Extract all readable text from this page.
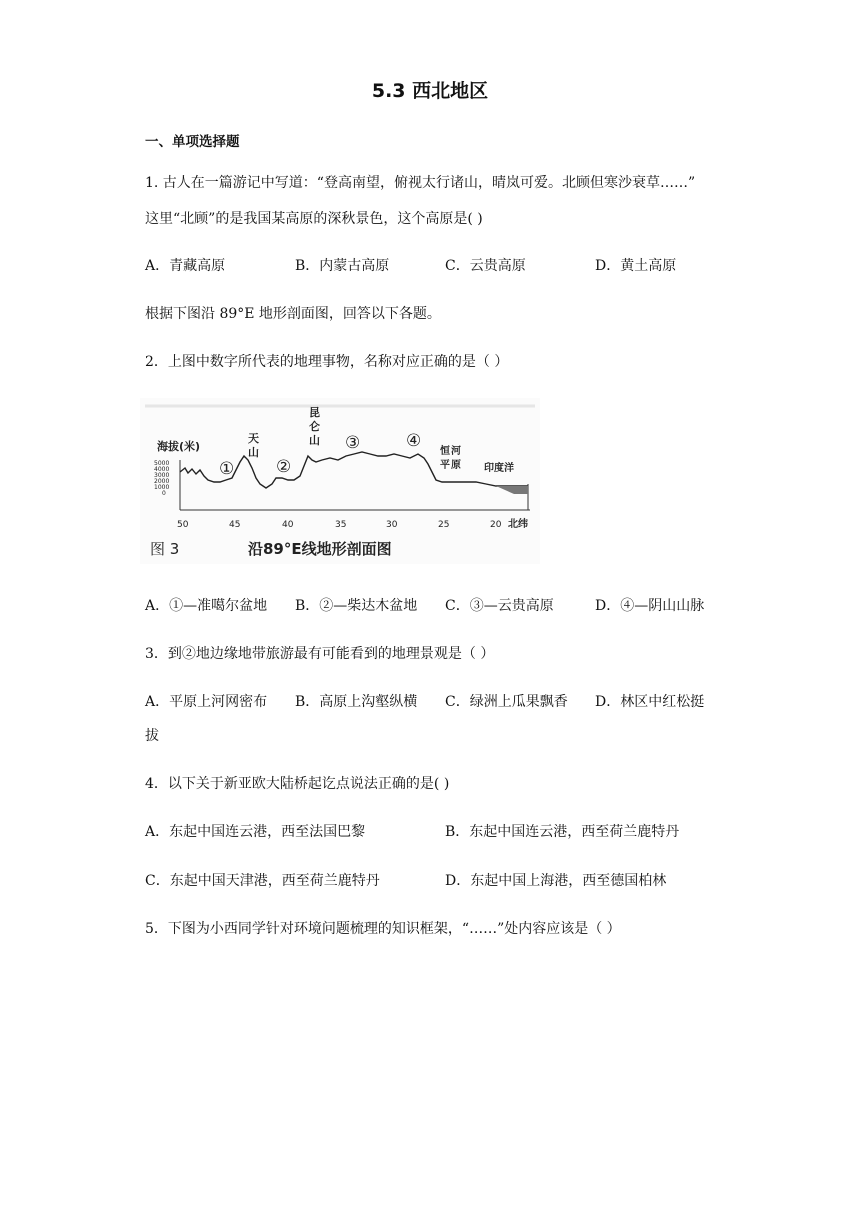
5.3 西北地区
一、单项选择题
1. 古人在一篇游记中写道：“登高南望，俯视太行诸山，晴岚可爱。北顾但寒沙衰草……”
这里“北顾”的是我国某高原的深秋景色，这个高原是( )
A．青藏高原	B．内蒙古高原	C．云贵高原	D．黄土高原
根据下图沿 89°E 地形剖面图，回答以下各题。
2．上图中数字所代表的地理事物，名称对应正确的是（ ）
海拔(米)
5000
4000
3000
2000
1000
0
天
山
昆
仑
山
① ②
③	④
恒 河
平 原 印度洋
50	45	40	35	30	25	20 北纬
图 3	沿89°E线地形剖面图
A．①—准噶尔盆地 B．②—柴达木盆地 C．③—云贵高原	D．④—阴山山脉
3．到②地边缘地带旅游最有可能看到的地理景观是（ ）
A．平原上河网密布 B．高原上沟壑纵横 C．绿洲上瓜果飘香 D．林区中红松挺
拔
4．以下关于新亚欧大陆桥起讫点说法正确的是( )
A．东起中国连云港，西至法国巴黎	B．东起中国连云港，西至荷兰鹿特丹
C．东起中国天津港，西至荷兰鹿特丹	D．东起中国上海港，西至德国柏林
5．下图为小西同学针对环境问题梳理的知识框架，“……”处内容应该是（ ）
